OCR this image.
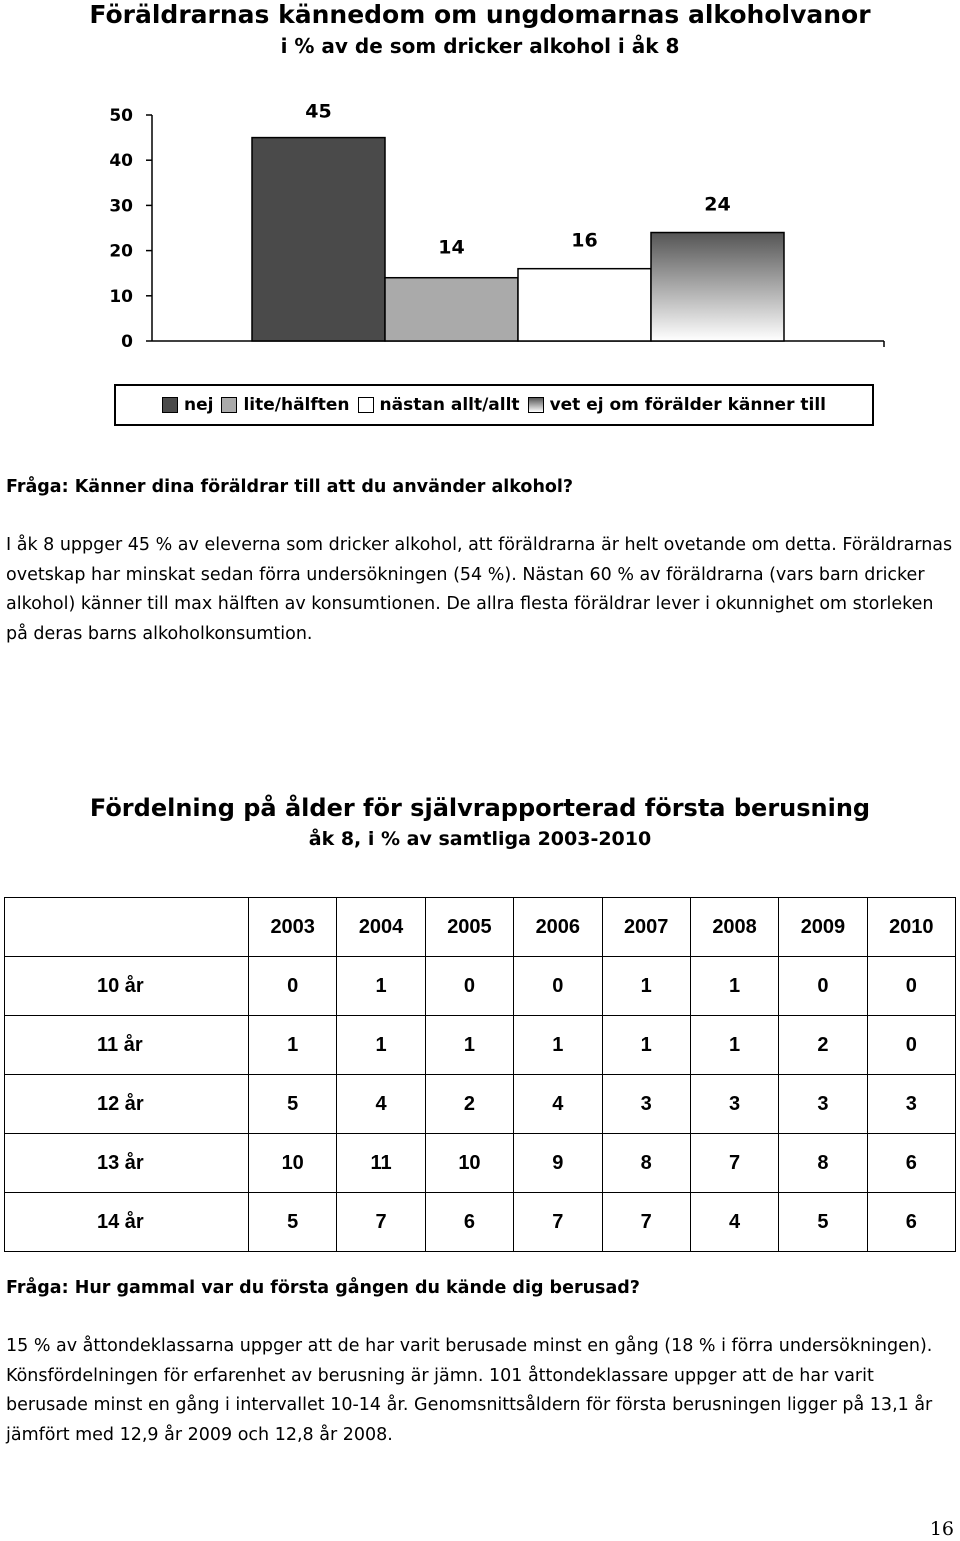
Föräldrarnas kännedom om ungdomarnas alkoholvanor
i % av de som dricker alkohol i åk 8
0
10
20
30
40
50	45
14	16
24
nej lite/hälften nästan allt/allt vet ej om förälder känner till

Fråga: Känner dina föräldrar till att du använder alkohol?

I åk 8 uppger 45 % av eleverna som dricker alkohol, att föräldrarna är helt ovetande om detta. Föräldrarnas ovetskap har minskat sedan förra undersökningen (54 %). Nästan 60 % av föräldrarna (vars barn dricker alkohol) känner till max hälften av konsumtionen. De allra flesta föräldrar lever i okunnighet om storleken på deras barns alkoholkonsumtion.

Fördelning på ålder för självrapporterad första berusning
åk 8, i % av samtliga 2003-2010
	2003	2004	2005	2006	2007	2008	2009	2010
10 år	0	1	0	0	1	1	0	0
11 år	1	1	1	1	1	1	2	0
12 år	5	4	2	4	3	3	3	3
13 år	10	11	10	9	8	7	8	6
14 år	5	7	6	7	7	4	5	6

Fråga: Hur gammal var du första gången du kände dig berusad?

15 % av åttondeklassarna uppger att de har varit berusade minst en gång (18 % i förra undersökningen). Könsfördelningen för erfarenhet av berusning är jämn. 101 åttondeklassare uppger att de har varit berusade minst en gång i intervallet 10-14 år. Genomsnittsåldern för första berusningen ligger på 13,1 år jämfört med 12,9 år 2009 och 12,8 år 2008.

16
